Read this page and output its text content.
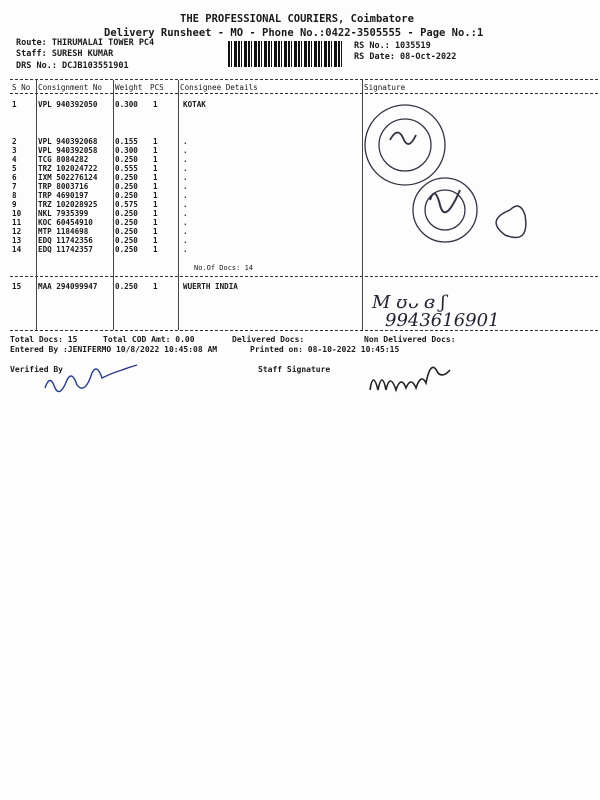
THE PROFESSIONAL COURIERS, Coimbatore
Delivery Runsheet - MO - Phone No.:0422-3505555 - Page No.:1
Route: THIRUMALAI TOWER PC4
Staff: SURESH KUMAR
DRS No.: DCJB103551901
RS No.: 1035519
RS Date: 08-Oct-2022
S No Consignment No Weight PCS Consignee Details	Signature
1	VPL 940392050 0.300 1	KOTAK
2	VPL 940392068 0.155 1	.
3	VPL 940392058 0.300 1	.
4	TCG 8084282	0.250 1	.
5	TRZ 102024722 0.555 1	.
6	IXM 502276124 0.250 1	.
7	TRP 8003716	0.250 1	.
8	TRP 4690197	0.250 1	.
9	TRZ 102028925 0.575 1	.
10 NKL 7935399	0.250 1	.
11 KOC 60454910	0.250 1	.
12 MTP 1184698	0.250 1	.
13 EDQ 11742356	0.250 1	.
14 EDQ 11742357	0.250 1	.
15 MAA 294099947 0.250 1	WUERTH INDIA
No.Of Docs: 14
M ʊᴗ ɞ ʃ
9943616901
Total Docs: 15	Total COD Amt: 0.00	Delivered Docs:	Non Delivered Docs:
Entered By :JENIFERMO 10/8/2022 10:45:08 AM	Printed on: 08-10-2022 10:45:15
Verified By	Staff Signature
